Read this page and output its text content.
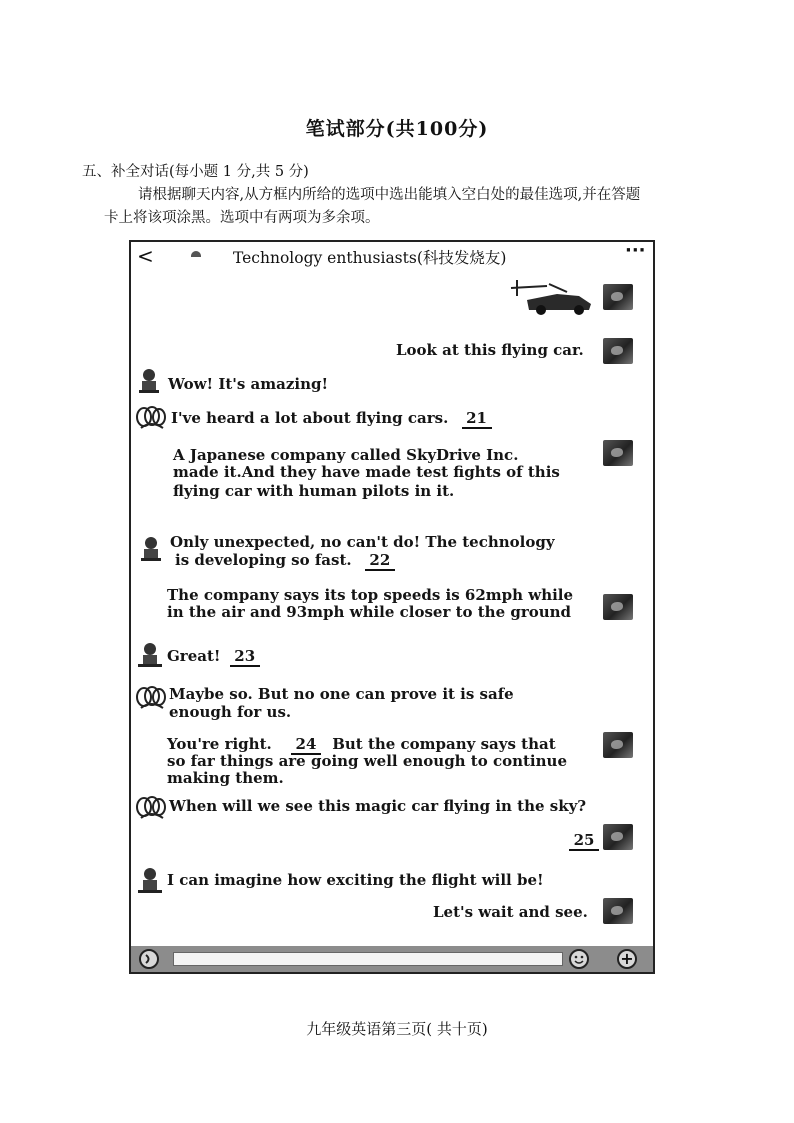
笔试部分(共100分)
五、补全对话(每小题 1 分,共 5 分)
请根据聊天内容,从方框内所给的选项中选出能填入空白处的最佳选项,并在答题
卡上将该项涂黑。选项中有两项为多余项。
<	Technology enthusiasts(科技发烧友)	···
Look at this flying car.
Wow! It's amazing!
I've heard a lot about flying cars. 21
A Japanese company called SkyDrive Inc.
made it.And they have made test fights of this
flying car with human pilots in it.
Only unexpected, no can't do! The technology
is developing so fast. 22
The company says its top speeds is 62mph while
in the air and 93mph while closer to the ground
Great! 23
Maybe so. But no one can prove it is safe
enough for us.
You're right. 24 But the company says that
so far things are going well enough to continue
making them.
When will we see this magic car flying in the sky?
25
I can imagine how exciting the flight will be!
Let's wait and see.
+
九年级英语第三页( 共十页)
